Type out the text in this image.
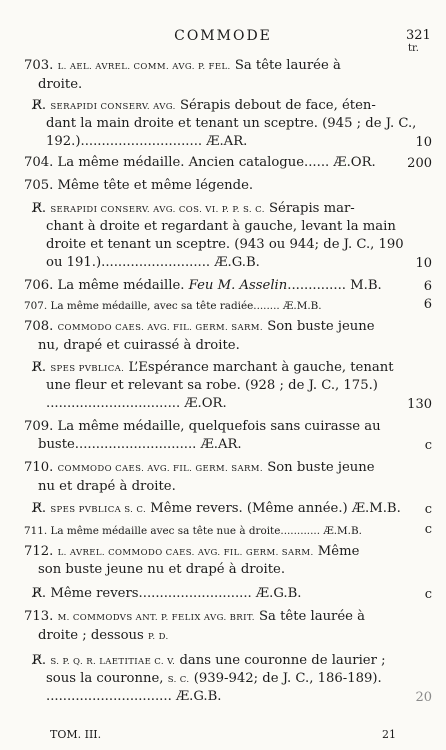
COMMODE	321
tr.
703. L. AEL. AVREL. COMM. AVG. P. FEL. Sa tête laurée à
droite.
R̸. SERAPIDI CONSERV. AVG. Sérapis debout de face, éten-
dant la main droite et tenant un sceptre. (945 ; de J. C.,
192.)............................. Æ.AR.	10
704. La même médaille. Ancien catalogue...... Æ.OR. 200
705. Même tête et même légende.
R̸. SERAPIDI CONSERV. AVG. COS. VI. P. P. S. C. Sérapis mar-
chant à droite et regardant à gauche, levant la main
droite et tenant un sceptre. (943 ou 944; de J. C., 190
ou 191.).......................... Æ.G.B.	10
706. La même médaille. Feu M. Asselin.............. M.B.	6
707. La même médaille, avec sa tête radiée........ Æ.M.B.	6
708. COMMODO CAES. AVG. FIL. GERM. SARM. Son buste jeune
nu, drapé et cuirassé à droite.
R̸. SPES PVBLICA. L’Espérance marchant à gauche, tenant
une fleur et relevant sa robe. (928 ; de J. C., 175.)
................................ Æ.OR.	130
709. La même médaille, quelquefois sans cuirasse au
buste............................. Æ.AR.	c
710. COMMODO CAES. AVG. FIL. GERM. SARM. Son buste jeune
nu et drapé à droite.
R̸. SPES PVBLICA S. C. Même revers. (Même année.) Æ.M.B. c
711. La même médaille avec sa tête nue à droite............ Æ.M.B.	c
712. L. AVREL. COMMODO CAES. AVG. FIL. GERM. SARM. Même
son buste jeune nu et drapé à droite.
R̸. Même revers........................... Æ.G.B.	c
713. M. COMMODVS ANT. P. FELIX AVG. BRIT. Sa tête laurée à
droite ; dessous P. D.
R̸. S. P. Q. R. LAETITIAE C. V. dans une couronne de laurier ;
sous la couronne, S. C. (939-942; de J. C., 186-189).
.............................. Æ.G.B.	20
TOM. III.	21
